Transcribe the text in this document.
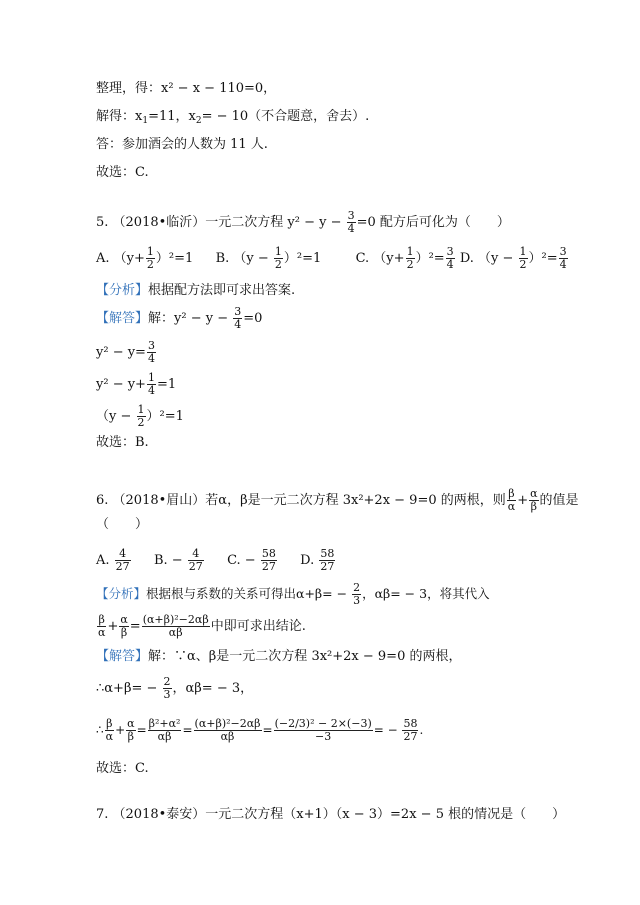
整理，得：x² − x − 110=0，
解得：$x_1=11$，$x_2= - 10$（不合题意，舍去）.
答：参加酒会的人数为 11 人.
故选：C.
5. （2018•临沂）一元二次方程 $y^2 - y - \frac{3}{4} =0$ 配方后可化为（　　）
A. $(y+ \frac{1}{2} )^2=1$ B. $(y - \frac{1}{2} )^2=1$	C. $(y+ \frac{1}{2} )^2= \frac{3}{4} D$. $(y - \frac{1}{2} )^2= \frac{3}{4}$
【分析】根据配方法即可求出答案.
【解答】解：$y^2 - y - \frac{3}{4} =0$
$y^2 - y= \frac{3}{4}$
$y^2 - y+ \frac{1}{4} =1$
$(y - \frac{1}{2} )^2=1$
故选：B.
6. （2018•眉山）若α，β是一元二次方程 3x²+2x − 9=0 的两根，则 $\frac{\beta}{\alpha} + \frac{\alpha}{\beta}$ 的值是
（　　）
A. $\frac{4}{27} B$. − $\frac{4}{27} C$. − $\frac{58}{27} D$. $\frac{58}{27}$
【分析】根据根与系数的关系可得出$\alpha+\beta= - \frac{2}{3}$ ，αβ= − 3，将其代入
$\frac{\beta}{\alpha} + \frac{\alpha}{\beta} = \frac{\text{(α+β)²−2αβ}}{\alpha\beta}$ 中即可求出结论.
【解答】解：∵α、β是一元二次方程 3x²+2x − 9=0 的两根，
∴α+β= − $\frac{2}{3}$ ，αβ= − 3，
∴ $\frac{\beta}{\alpha} + \frac{\alpha}{\beta} = \frac{\text{β²+α²}}{\alpha\beta} = \frac{\text{(α+β)²−2αβ}}{\alpha\beta} = \frac{\text{(−2/3)² − 2×(−3)}}{-3}$ = − $\frac{58}{27}$ .
故选：C.
7. （2018•泰安）一元二次方程（x+1）（x − 3）=2x − 5 根的情况是（　　）
